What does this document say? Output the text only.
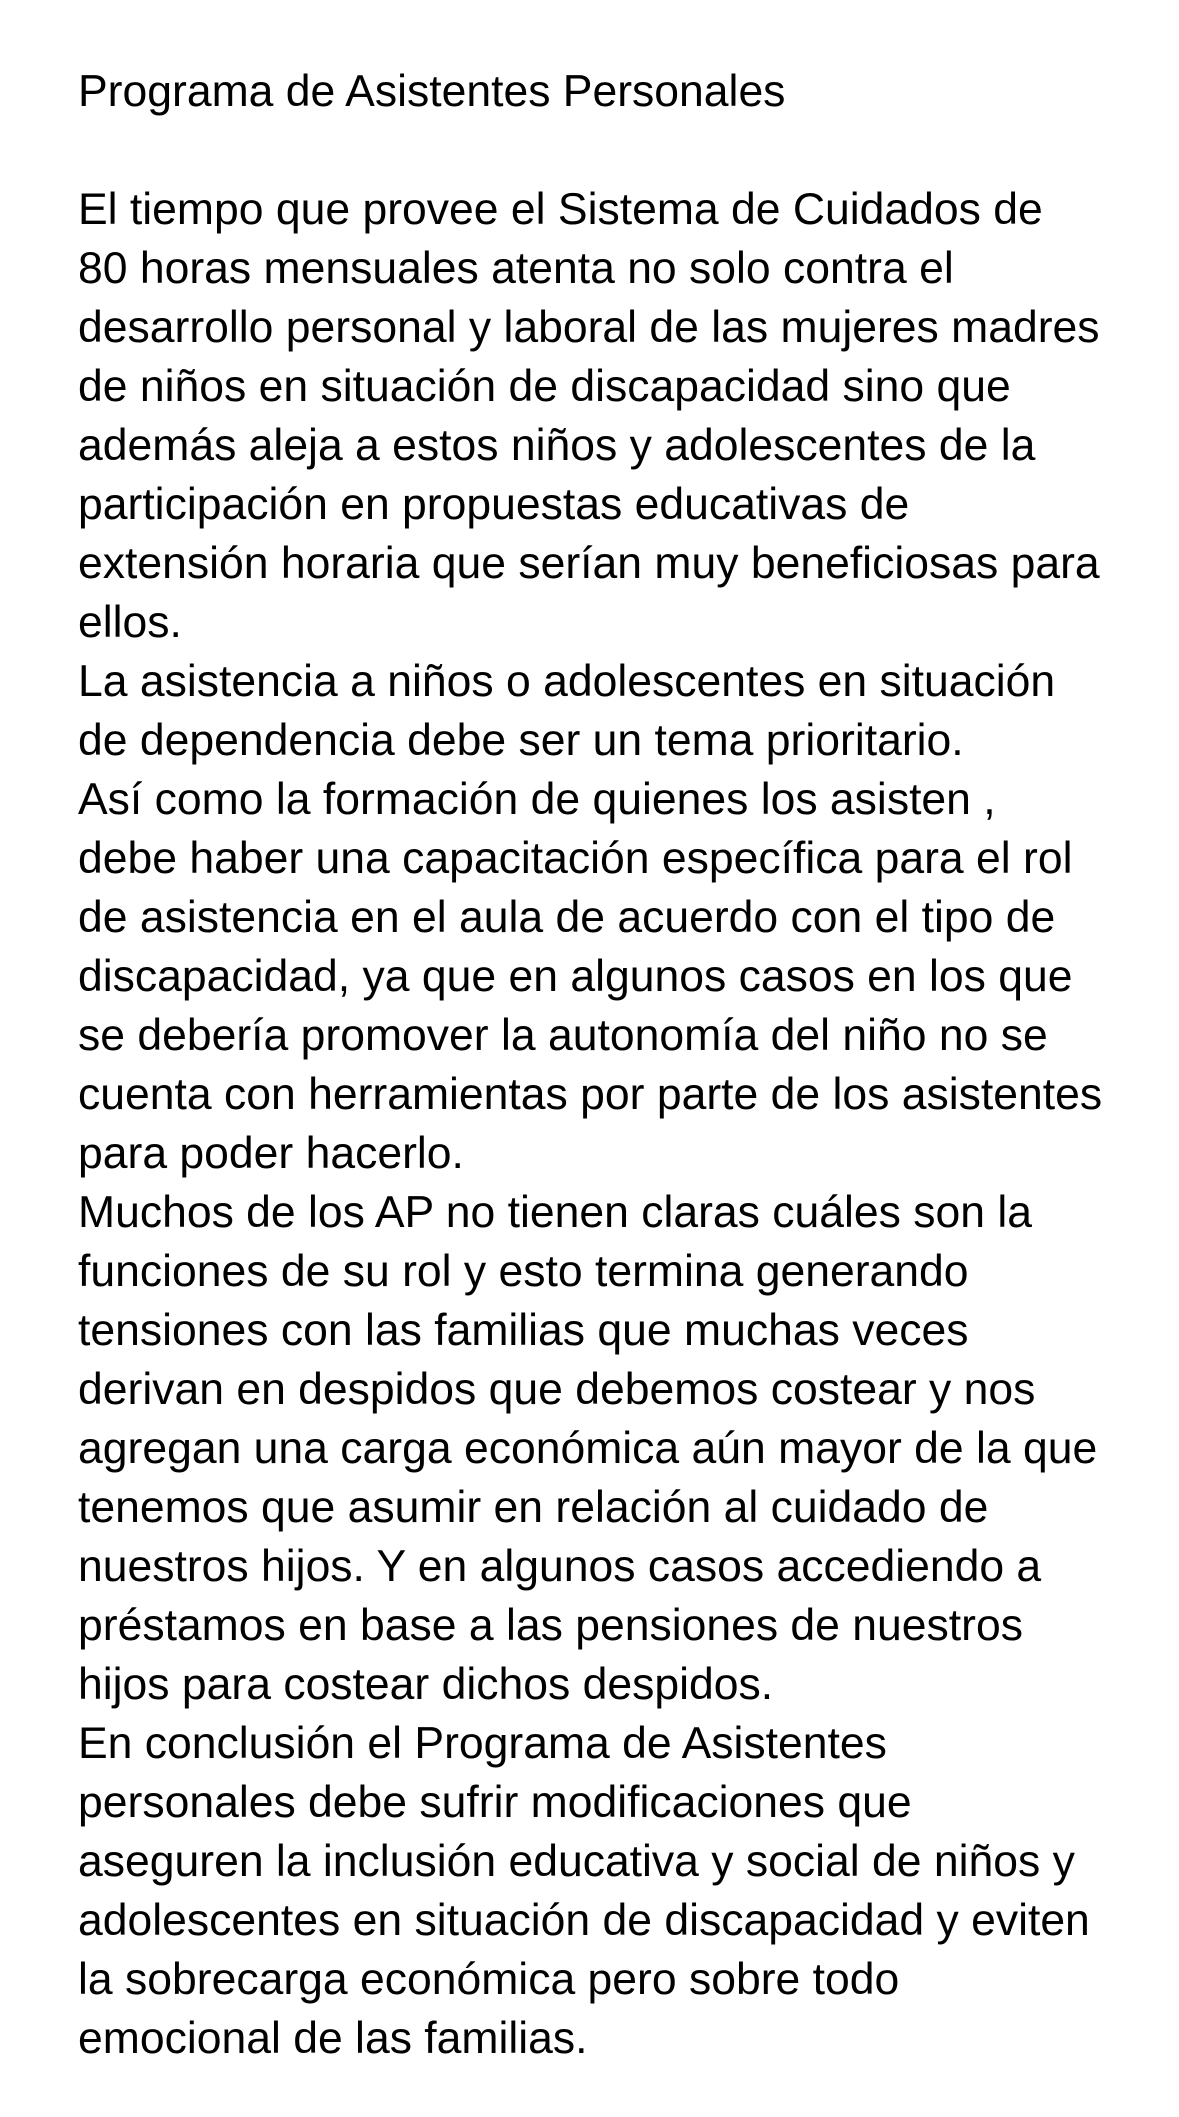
Programa de Asistentes Personales
El tiempo que provee el Sistema de Cuidados de
80 horas mensuales atenta no solo contra el
desarrollo personal y laboral de las mujeres madres
de niños en situación de discapacidad sino que
además aleja a estos niños y adolescentes de la
participación en propuestas educativas de
extensión horaria que serían muy beneficiosas para
ellos.
La asistencia a niños o adolescentes en situación
de dependencia debe ser un tema prioritario.
Así como la formación de quienes los asisten ,
debe haber una capacitación específica para el rol
de asistencia en el aula de acuerdo con el tipo de
discapacidad, ya que en algunos casos en los que
se debería promover la autonomía del niño no se
cuenta con herramientas por parte de los asistentes
para poder hacerlo.
Muchos de los AP no tienen claras cuáles son la
funciones de su rol y esto termina generando
tensiones con las familias que muchas veces
derivan en despidos que debemos costear y nos
agregan una carga económica aún mayor de la que
tenemos que asumir en relación al cuidado de
nuestros hijos. Y en algunos casos accediendo a
préstamos en base a las pensiones de nuestros
hijos para costear dichos despidos.
En conclusión el Programa de Asistentes
personales debe sufrir modificaciones que
aseguren la inclusión educativa y social de niños y
adolescentes en situación de discapacidad y eviten
la sobrecarga económica pero sobre todo
emocional de las familias.
